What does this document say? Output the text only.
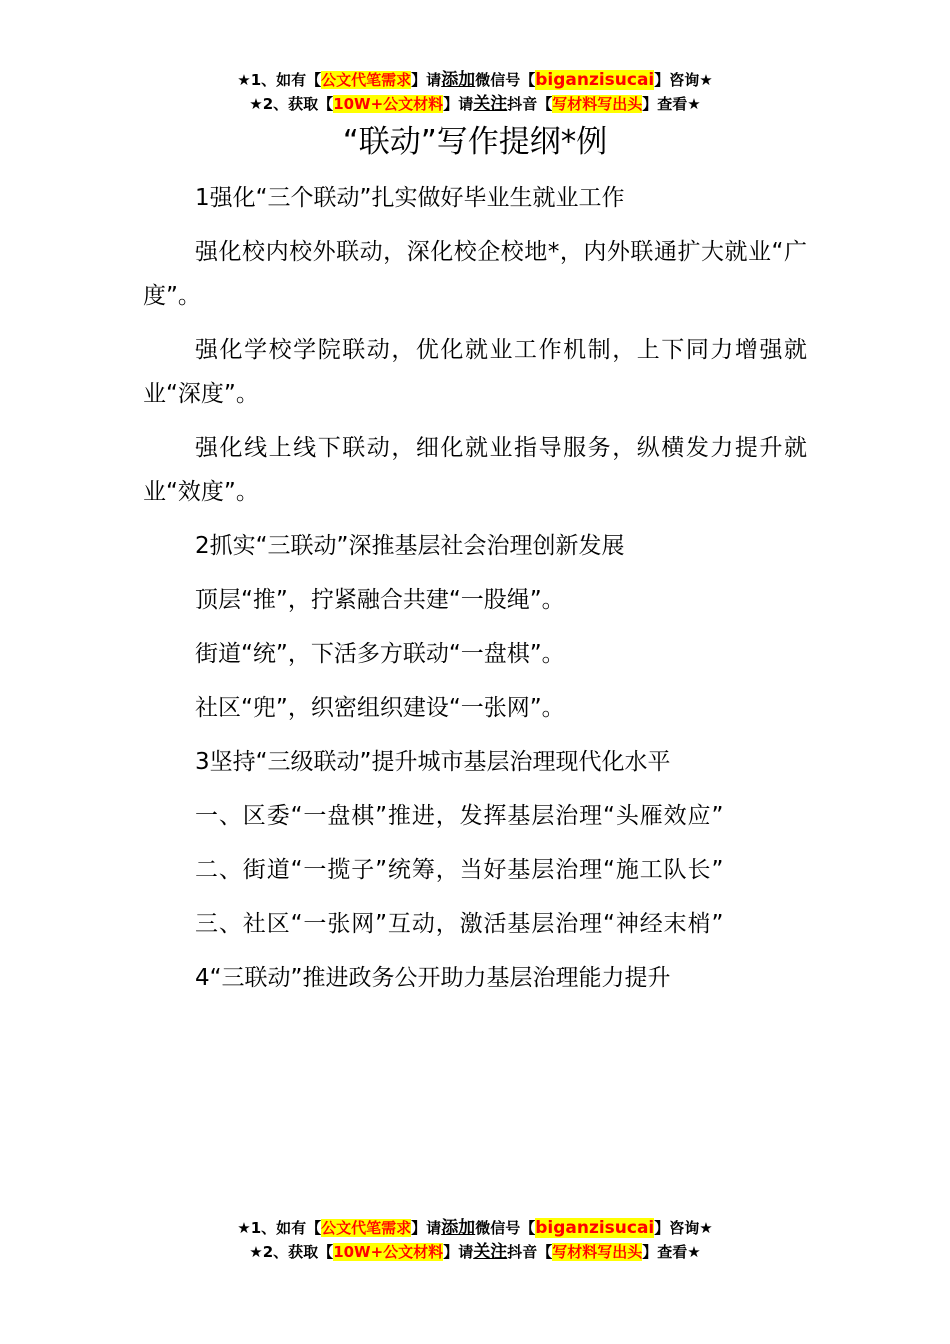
★1、如有【公文代笔需求】请添加微信号【biganzisucai】咨询★
★2、获取【10W+公文材料】请关注抖音【写材料写出头】查看★
“联动”写作提纲*例

1强化“三个联动”扎实做好毕业生就业工作

强化校内校外联动，深化校企校地*，内外联通扩大就业“广度”。

强化学校学院联动，优化就业工作机制，上下同力增强就业“深度”。

强化线上线下联动，细化就业指导服务，纵横发力提升就业“效度”。

2抓实“三联动”深推基层社会治理创新发展

顶层“推”，拧紧融合共建“一股绳”。

街道“统”，下活多方联动“一盘棋”。

社区“兜”，织密组织建设“一张网”。

3坚持“三级联动”提升城市基层治理现代化水平

一、区委“一盘棋”推进，发挥基层治理“头雁效应”

二、街道“一揽子”统筹，当好基层治理“施工队长”

三、社区“一张网”互动，激活基层治理“神经末梢”

4“三联动”推进政务公开助力基层治理能力提升

★1、如有【公文代笔需求】请添加微信号【biganzisucai】咨询★
★2、获取【10W+公文材料】请关注抖音【写材料写出头】查看★
